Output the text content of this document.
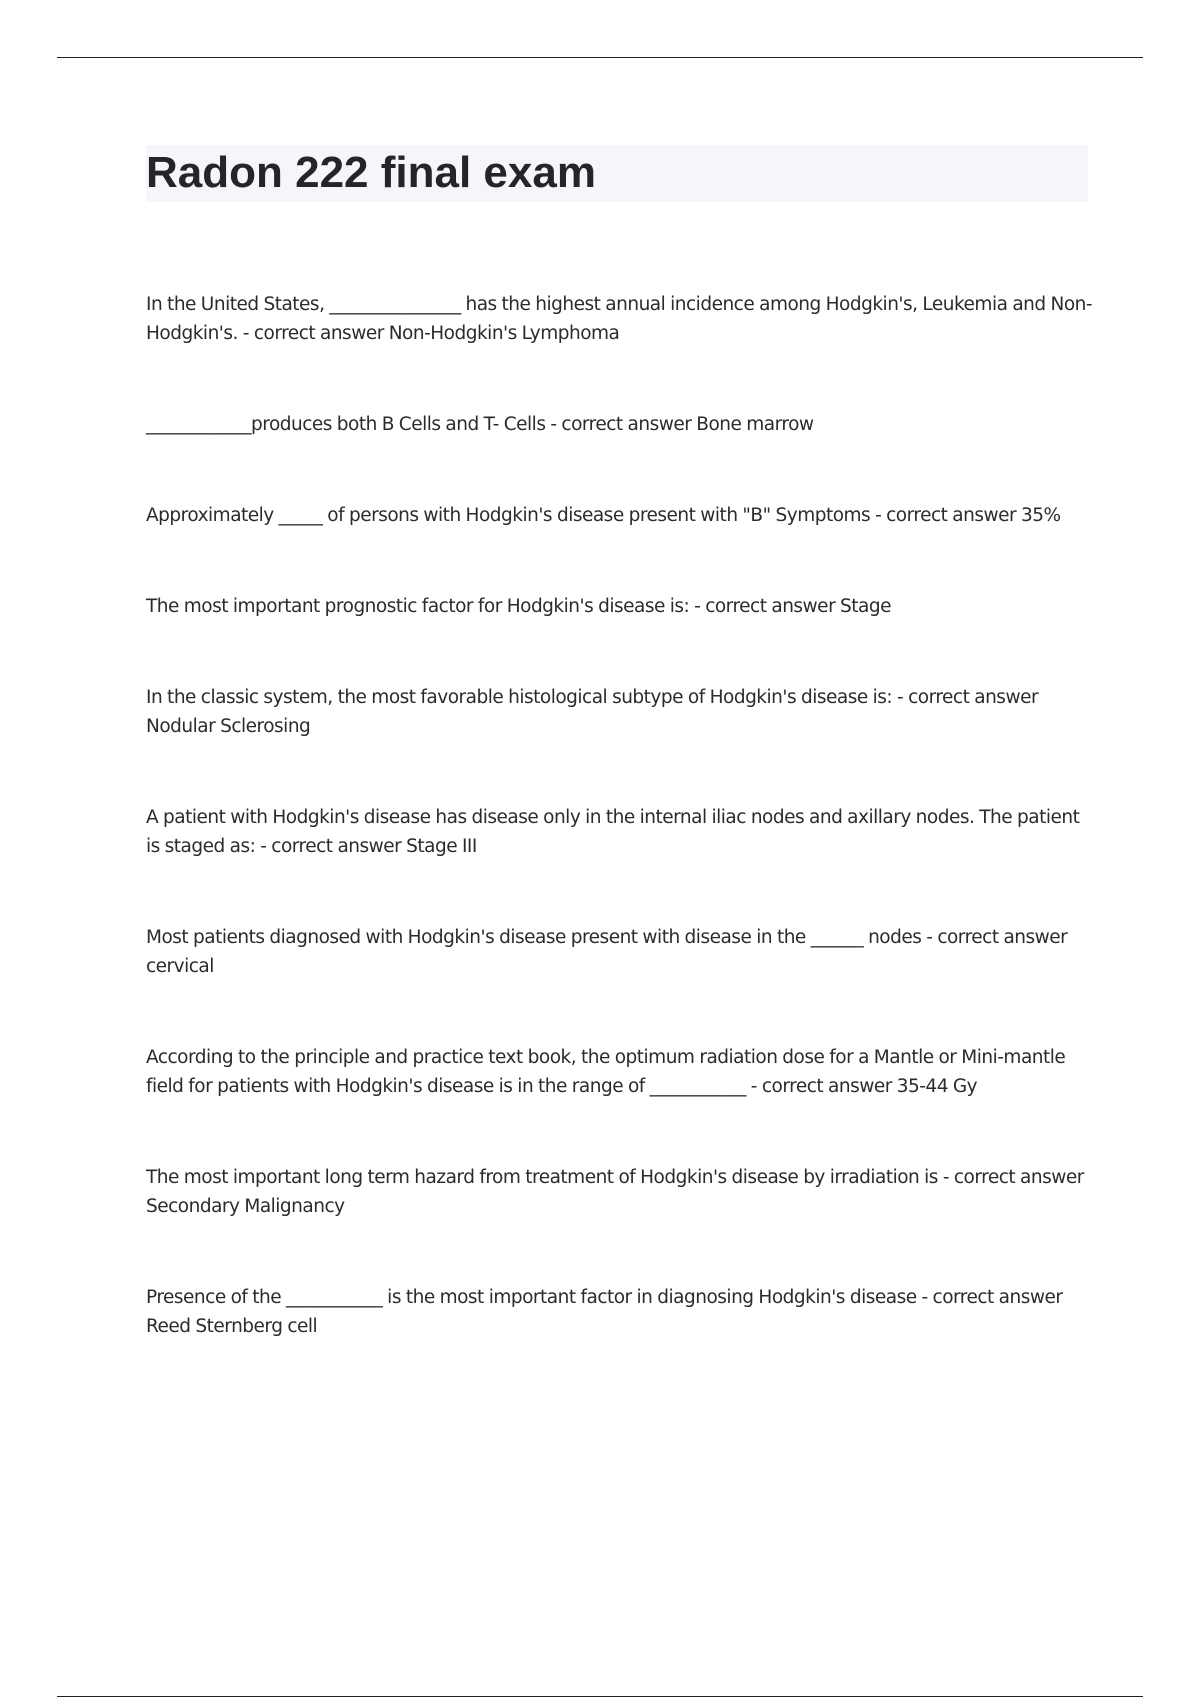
Radon 222 final exam

In the United States, _______________ has the highest annual incidence among Hodgkin's, Leukemia and Non-Hodgkin's. - correct answer Non-Hodgkin's Lymphoma

____________produces both B Cells and T- Cells - correct answer Bone marrow

Approximately _____ of persons with Hodgkin's disease present with "B" Symptoms - correct answer 35%

The most important prognostic factor for Hodgkin's disease is: - correct answer Stage

In the classic system, the most favorable histological subtype of Hodgkin's disease is: - correct answer Nodular Sclerosing

A patient with Hodgkin's disease has disease only in the internal iliac nodes and axillary nodes. The patient is staged as: - correct answer Stage III

Most patients diagnosed with Hodgkin's disease present with disease in the ______ nodes - correct answer cervical

According to the principle and practice text book, the optimum radiation dose for a Mantle or Mini-mantle field for patients with Hodgkin's disease is in the range of ___________ - correct answer 35-44 Gy

The most important long term hazard from treatment of Hodgkin's disease by irradiation is - correct answer Secondary Malignancy

Presence of the ___________ is the most important factor in diagnosing Hodgkin's disease - correct answer Reed Sternberg cell
